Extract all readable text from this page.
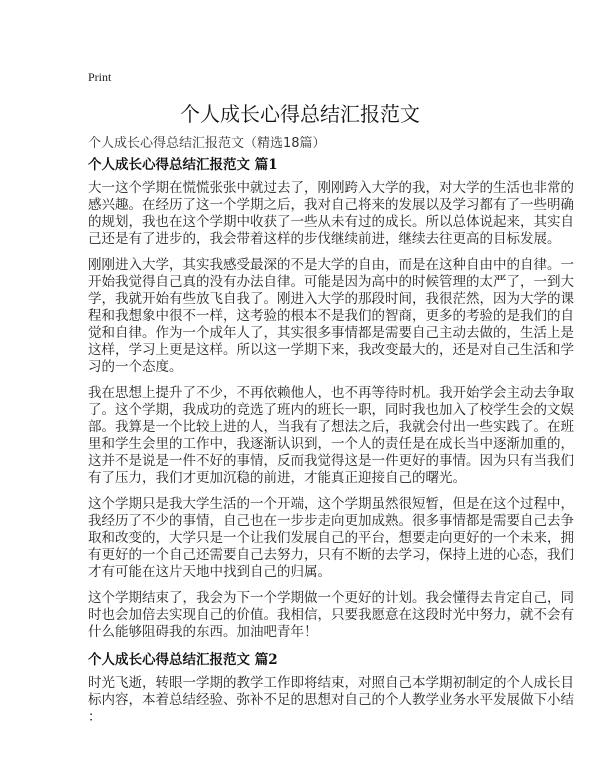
Print
个人成长心得总结汇报范文
个人成长心得总结汇报范文（精选18篇）
个人成长心得总结汇报范文 篇1
大一这个学期在慌慌张张中就过去了，刚刚跨入大学的我，对大学的生活也非常的
感兴趣。在经历了这一个学期之后，我对自己将来的发展以及学习都有了一些明确
的规划，我也在这个学期中收获了一些从未有过的成长。所以总体说起来，其实自
己还是有了进步的，我会带着这样的步伐继续前进，继续去往更高的目标发展。
刚刚进入大学，其实我感受最深的不是大学的自由，而是在这种自由中的自律。一
开始我觉得自己真的没有办法自律。可能是因为高中的时候管理的太严了，一到大
学，我就开始有些放飞自我了。刚进入大学的那段时间，我很茫然，因为大学的课
程和我想象中很不一样，这考验的根本不是我们的智商，更多的考验的是我们的自
觉和自律。作为一个成年人了，其实很多事情都是需要自己主动去做的，生活上是
这样，学习上更是这样。所以这一学期下来，我改变最大的，还是对自己生活和学
习的一个态度。
我在思想上提升了不少，不再依赖他人，也不再等待时机。我开始学会主动去争取
了。这个学期，我成功的竞选了班内的班长一职，同时我也加入了校学生会的文娱
部。我算是一个比较上进的人，当我有了想法之后，我就会付出一些实践了。在班
里和学生会里的工作中，我逐渐认识到，一个人的责任是在成长当中逐渐加重的，
这并不是说是一件不好的事情，反而我觉得这是一件更好的事情。因为只有当我们
有了压力，我们才更加沉稳的前进，才能真正迎接自己的曙光。
这个学期只是我大学生活的一个开端，这个学期虽然很短暂，但是在这个过程中，
我经历了不少的事情，自己也在一步步走向更加成熟。很多事情都是需要自己去争
取和改变的，大学只是一个让我们发展自己的平台，想要走向更好的一个未来，拥
有更好的一个自己还需要自己去努力，只有不断的去学习，保持上进的心态，我们
才有可能在这片天地中找到自己的归属。
这个学期结束了，我会为下一个学期做一个更好的计划。我会懂得去肯定自己，同
时也会加倍去实现自己的价值。我相信，只要我愿意在这段时光中努力，就不会有
什么能够阻碍我的东西。加油吧青年！
个人成长心得总结汇报范文 篇2
时光飞逝，转眼一学期的教学工作即将结束，对照自己本学期初制定的个人成长目
标内容，本着总结经验、弥补不足的思想对自己的个人教学业务水平发展做下小结
：
